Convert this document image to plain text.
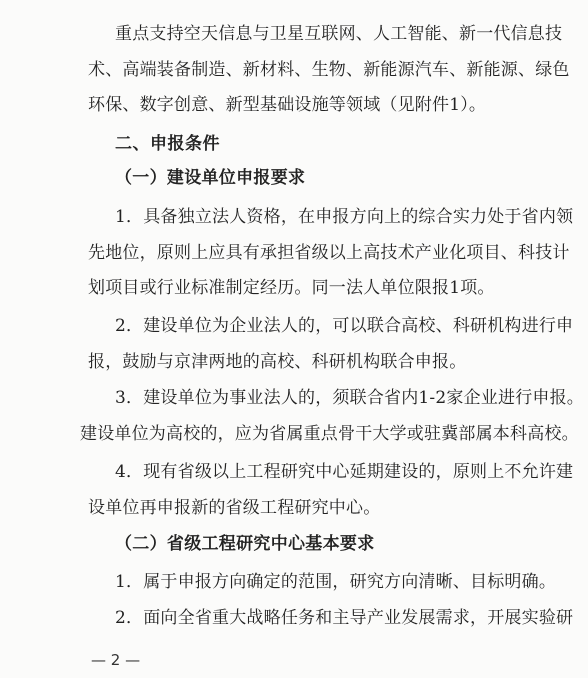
重点支持空天信息与卫星互联网、人工智能、新一代信息技
术、高端装备制造、新材料、生物、新能源汽车、新能源、绿色
环保、数字创意、新型基础设施等领域（见附件1）。
二、申报条件
（一）建设单位申报要求
1．具备独立法人资格，在申报方向上的综合实力处于省内领
先地位，原则上应具有承担省级以上高技术产业化项目、科技计
划项目或行业标准制定经历。同一法人单位限报1项。
2．建设单位为企业法人的，可以联合高校、科研机构进行申
报，鼓励与京津两地的高校、科研机构联合申报。
3．建设单位为事业法人的，须联合省内1-2家企业进行申报。
建设单位为高校的，应为省属重点骨干大学或驻冀部属本科高校。
4．现有省级以上工程研究中心延期建设的，原则上不允许建
设单位再申报新的省级工程研究中心。
（二）省级工程研究中心基本要求
1．属于申报方向确定的范围，研究方向清晰、目标明确。
2．面向全省重大战略任务和主导产业发展需求，开展实验研
— 2 —
